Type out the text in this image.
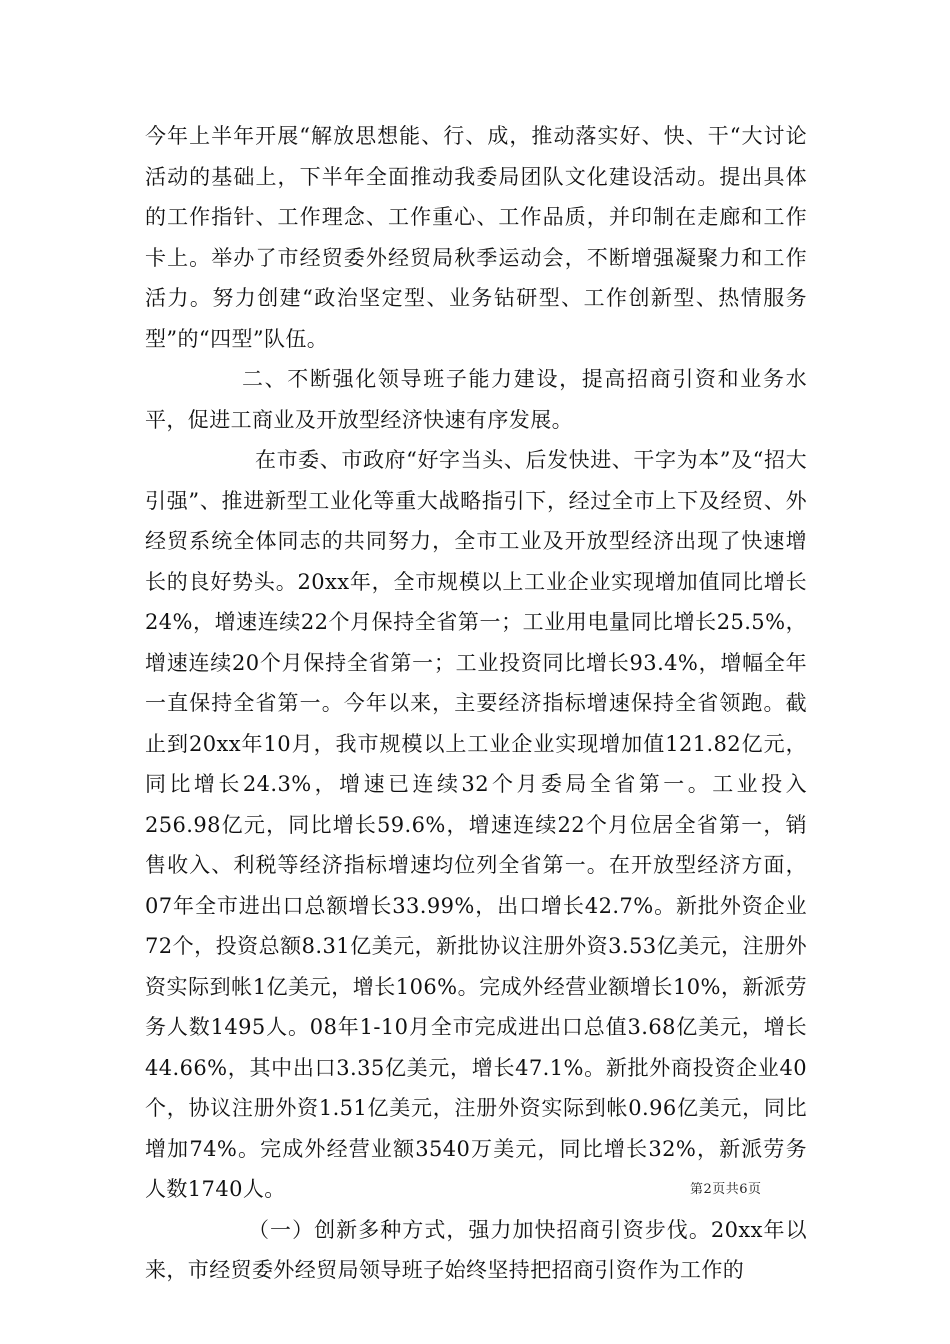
今年上半年开展“解放思想能、行、成，推动落实好、快、干“大讨论活动的基础上，下半年全面推动我委局团队文化建设活动。提出具体的工作指针、工作理念、工作重心、工作品质，并印制在走廊和工作卡上。举办了市经贸委外经贸局秋季运动会，不断增强凝聚力和工作活力。努力创建“政治坚定型、业务钻研型、工作创新型、热情服务型”的“四型”队伍。

二、不断强化领导班子能力建设，提高招商引资和业务水平，促进工商业及开放型经济快速有序发展。

在市委、市政府“好字当头、后发快进、干字为本”及“招大引强”、推进新型工业化等重大战略指引下，经过全市上下及经贸、外经贸系统全体同志的共同努力，全市工业及开放型经济出现了快速增长的良好势头。20xx年，全市规模以上工业企业实现增加值同比增长24%，增速连续22个月保持全省第一；工业用电量同比增长25.5%，增速连续20个月保持全省第一；工业投资同比增长93.4%，增幅全年一直保持全省第一。今年以来，主要经济指标增速保持全省领跑。截止到20xx年10月，我市规模以上工业企业实现增加值121.82亿元，同比增长24.3%，增速已连续32个月委局全省第一。工业投入256.98亿元，同比增长59.6%，增速连续22个月位居全省第一，销售收入、利税等经济指标增速均位列全省第一。在开放型经济方面，07年全市进出口总额增长33.99%，出口增长42.7%。新批外资企业72个，投资总额8.31亿美元，新批协议注册外资3.53亿美元，注册外资实际到帐1亿美元，增长106%。完成外经营业额增长10%，新派劳务人数1495人。08年1-10月全市完成进出口总值3.68亿美元，增长44.66%，其中出口3.35亿美元，增长47.1%。新批外商投资企业40个，协议注册外资1.51亿美元，注册外资实际到帐0.96亿美元，同比增加74%。完成外经营业额3540万美元，同比增长32%，新派劳务人数1740人。

（一）创新多种方式，强力加快招商引资步伐。20xx年以来，市经贸委外经贸局领导班子始终坚持把招商引资作为工作的

第2页共6页
